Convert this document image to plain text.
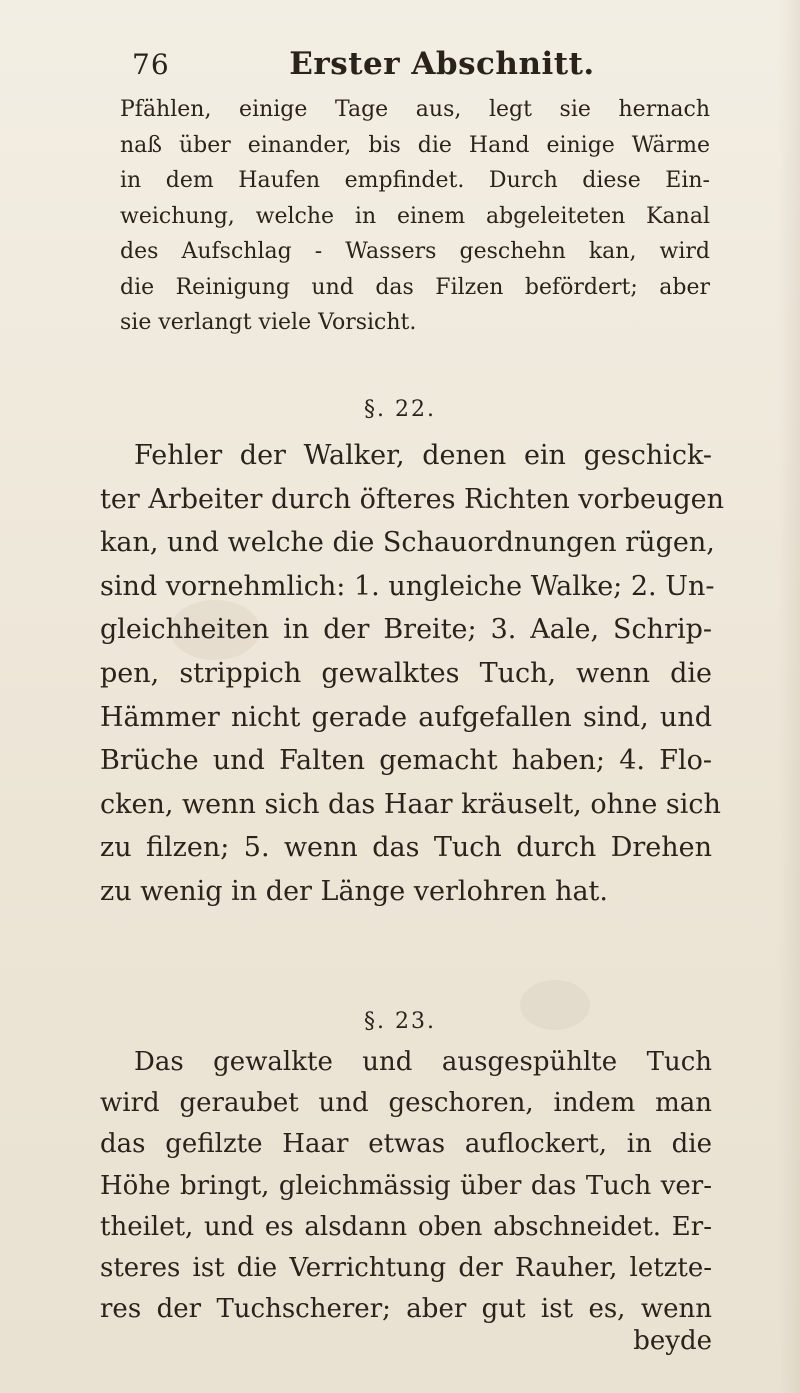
76	Erster Abschnitt.
Pfählen, einige Tage aus, legt sie hernach
naß über einander, bis die Hand einige Wärme
in dem Haufen empfindet. Durch diese Ein-
weichung, welche in einem abgeleiteten Kanal
des Aufschlag - Wassers geschehn kan, wird
die Reinigung und das Filzen befördert; aber
sie verlangt viele Vorsicht.
§. 22.
Fehler der Walker, denen ein geschick-
ter Arbeiter durch öfteres Richten vorbeugen
kan, und welche die Schauordnungen rügen,
sind vornehmlich: 1. ungleiche Walke; 2. Un-
gleichheiten in der Breite; 3. Aale, Schrip-
pen, strippich gewalktes Tuch, wenn die
Hämmer nicht gerade aufgefallen sind, und
Brüche und Falten gemacht haben; 4. Flo-
cken, wenn sich das Haar kräuselt, ohne sich
zu filzen; 5. wenn das Tuch durch Drehen
zu wenig in der Länge verlohren hat.
§. 23.
Das gewalkte und ausgespühlte Tuch
wird geraubet und geschoren, indem man
das gefilzte Haar etwas auflockert, in die
Höhe bringt, gleichmässig über das Tuch ver-
theilet, und es alsdann oben abschneidet. Er-
steres ist die Verrichtung der Rauher, letzte-
res der Tuchscherer; aber gut ist es, wenn
beyde
